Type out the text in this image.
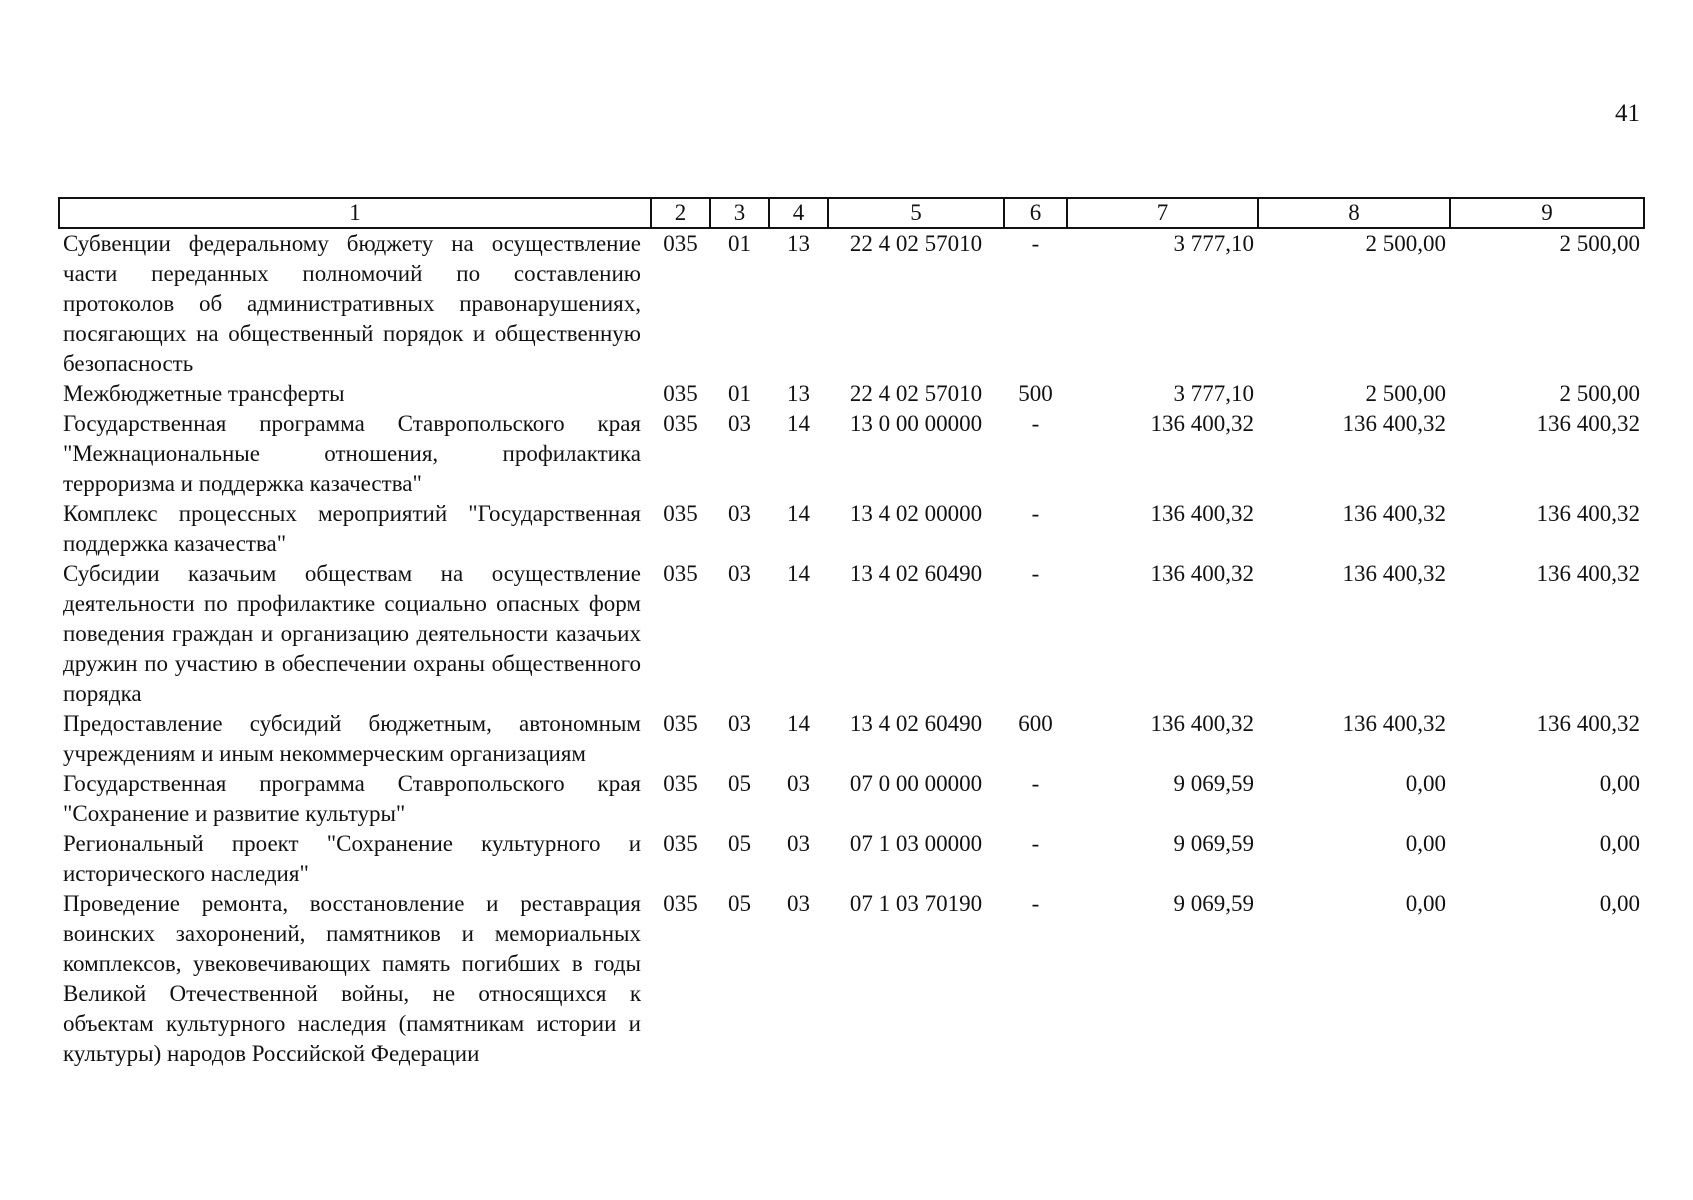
41
1	2	3	4	5	6	7	8	9
Субвенции федеральному бюджету на осуществление части переданных полномочий по составлению протоколов об административных правонарушениях, посягающих на общественный порядок и общественную безопасность	035	01	13	22 4 02 57010	-	3 777,10	2 500,00	2 500,00
Межбюджетные трансферты	035	01	13	22 4 02 57010	500	3 777,10	2 500,00	2 500,00
Государственная программа Ставропольского края "Межнациональные отношения, профилактика терроризма и поддержка казачества"	035	03	14	13 0 00 00000	-	136 400,32	136 400,32	136 400,32
Комплекс процессных мероприятий "Государственная поддержка казачества"	035	03	14	13 4 02 00000	-	136 400,32	136 400,32	136 400,32
Субсидии казачьим обществам на осуществление деятельности по профилактике социально опасных форм поведения граждан и организацию деятельности казачьих дружин по участию в обеспечении охраны общественного порядка	035	03	14	13 4 02 60490	-	136 400,32	136 400,32	136 400,32
Предоставление субсидий бюджетным, автономным учреждениям и иным некоммерческим организациям	035	03	14	13 4 02 60490	600	136 400,32	136 400,32	136 400,32
Государственная программа Ставропольского края "Сохранение и развитие культуры"	035	05	03	07 0 00 00000	-	9 069,59	0,00	0,00
Региональный проект "Сохранение культурного и исторического наследия"	035	05	03	07 1 03 00000	-	9 069,59	0,00	0,00
Проведение ремонта, восстановление и реставрация воинских захоронений, памятников и мемориальных комплексов, увековечивающих память погибших в годы Великой Отечественной войны, не относящихся к объектам культурного наследия (памятникам истории и культуры) народов Российской Федерации	035	05	03	07 1 03 70190	-	9 069,59	0,00	0,00
